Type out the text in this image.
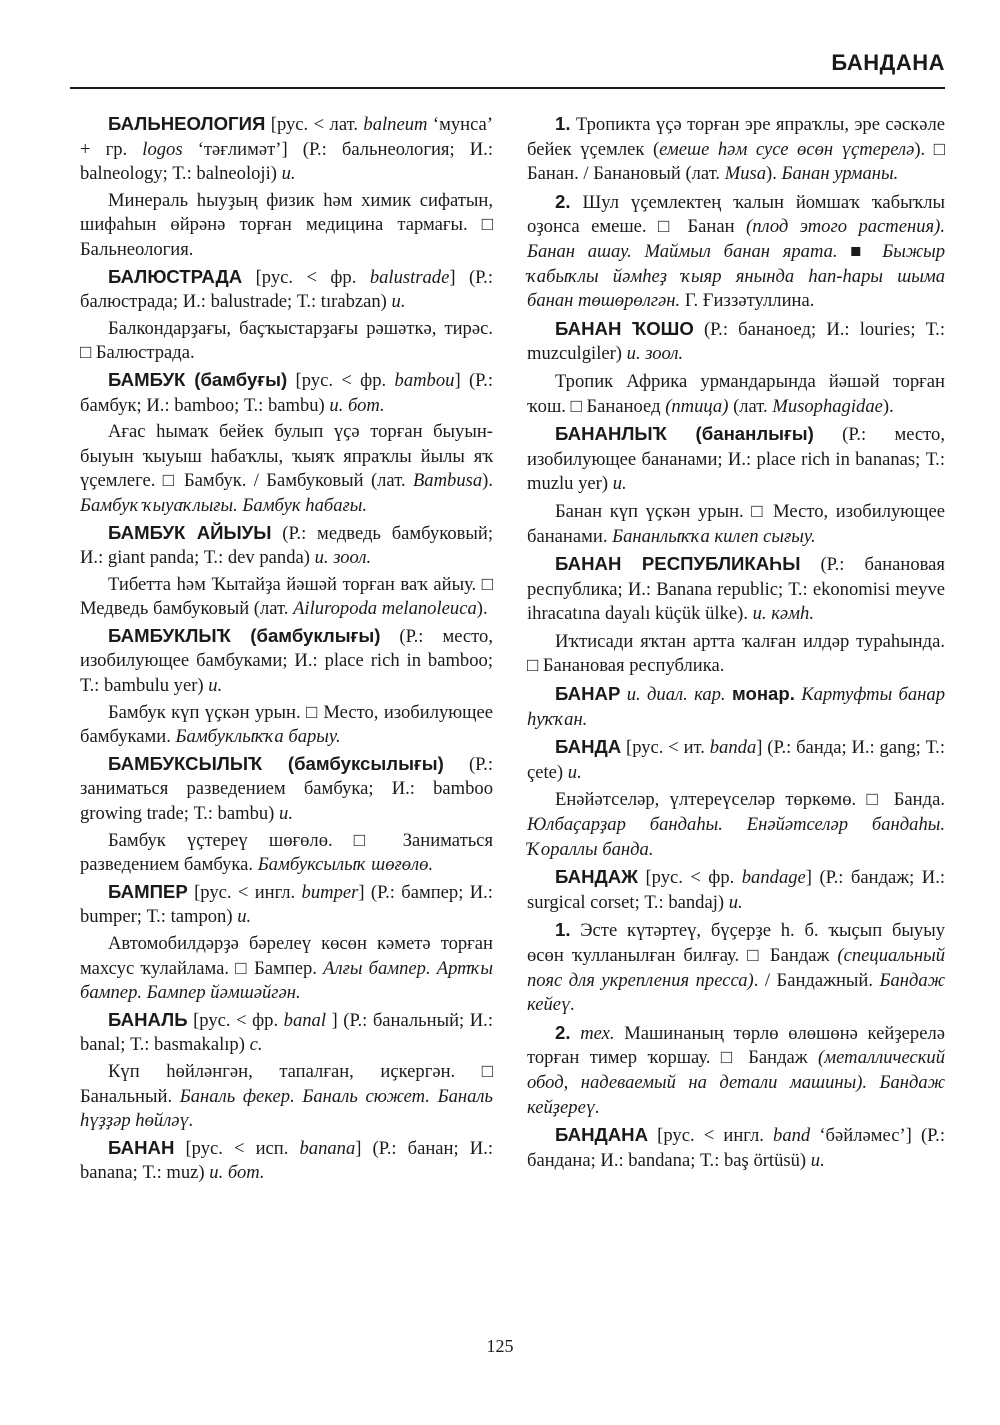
БАНДАНА

БАЛЬНЕОЛОГИЯ [рус. < лат. balneum ‘мунса’ + гр. logos ‘тәғлимәт’] (Р.: бальнеология; И.: balneology; Т.: balneoloji) и.

Минераль һыуҙың физик һәм химик сифатын, шифаһын өйрәнә торған медицина тармағы. □ Бальнеология.

БАЛЮСТРАДА [рус. < фр. balustrade] (Р.: балюстрада; И.: balustrade; Т.: tırabzan) и.

Балкондарҙағы, баҫҡыстарҙағы рәшәткә, тирәс. □ Балюстрада.

БАМБУК (бамбуғы) [рус. < фр. bambou] (Р.: бамбук; И.: bamboo; Т.: bambu) и. бот.

Ағас һымаҡ бейек булып үҫә торған быуын-быуын ҡыуыш һабаҡлы, ҡыяҡ япраҡлы йылы яҡ үҫемлеге. □ Бамбук. / Бамбуковый (лат. Bambusa). Бамбук ҡыуаҡлығы. Бамбук һабағы.

БАМБУК АЙЫУЫ (Р.: медведь бамбуковый; И.: giant panda; Т.: dev panda) и. зоол.

Тибетта һәм Ҡытайҙа йәшәй торған ваҡ айыу. □ Медведь бамбуковый (лат. Ailuropoda melanoleuca).

БАМБУКЛЫҠ (бамбуклығы) (Р.: место, изобилующее бамбуками; И.: place rich in bamboo; Т.: bambulu yer) и.

Бамбук күп үҫкән урын. □ Место, изобилующее бамбуками. Бамбуклыҡҡа барыу.

БАМБУКСЫЛЫҠ (бамбуксылығы) (Р.: заниматься разведением бамбука; И.: bamboo growing trade; Т.: bambu) и.

Бамбук үҫтереү шөғөлө. □ Заниматься разведением бамбука. Бамбуксылыҡ шөғөлө.

БАМПЕР [рус. < ингл. bumper] (Р.: бампер; И.: bumper; Т.: tampon) и.

Автомобилдәрҙә бәрелеү көсөн кәметә торған махсус ҡулайлама. □ Бампер. Алғы бампер. Артҡы бампер. Бампер йәмшәйгән.

БАНАЛЬ [рус. < фр. banal ] (Р.: банальный; И.: banal; Т.: basmakalıp) с.

Күп һөйләнгән, тапалған, иҫкергән. □ Банальный. Баналь фекер. Баналь сюжет. Баналь һүҙҙәр һөйләү.

БАНАН [рус. < исп. banana] (Р.: банан; И.: banana; Т.: muz) и. бот.

1. Тропикта үҫә торған эре япраҡлы, эре сәскәле бейек үҫемлек (емеше һәм сусе өсөн үҫтерелә). □ Банан. / Банановый (лат. Musa). Банан урманы.

2. Шул үҫемлектең ҡалын йомшаҡ ҡабыҡлы оҙонса емеше. □ Банан (плод этого растения). Банан ашау. Маймыл банан ярата. ■ Быжыр ҡабыҡлы йәмһеҙ ҡыяр янында һап-һары шыма банан төшөрөлгән. Г. Ғиззәтуллина.

БАНАН ҠОШО (Р.: бананоед; И.: louries; Т.: muzculgiler) и. зоол.

Тропик Африка урмандарында йәшәй торған ҡош. □ Бананоед (птица) (лат. Musophagidae).

БАНАНЛЫҠ (бананлығы) (Р.: место, изобилующее бананами; И.: place rich in bananas; Т.: muzlu yer) и.

Банан күп үҫкән урын. □ Место, изобилующее бананами. Бананлыҡҡа килеп сығыу.

БАНАН РЕСПУБЛИКАҺЫ (Р.: банановая республика; И.: Banana republic; Т.: ekonomisi meyve ihracatına dayalı küçük ülke). и. кәмһ.

Иҡтисади яҡтан артта ҡалған илдәр тураһында. □ Банановая республика.

БАНАР и. диал. кар. монар. Картуфты банар һуҡҡан.

БАНДА [рус. < ит. banda] (Р.: банда; И.: gang; Т.: çete) и.

Енәйәтселәр, үлтереүселәр төркөмө. □ Банда. Юлбаҫарҙар бандаһы. Енәйәтселәр бандаһы. Ҡораллы банда.

БАНДАЖ [рус. < фр. bandage] (Р.: бандаж; И.: surgical corset; Т.: bandaj) и.

1. Эсте күтәртеү, бүҫерҙе һ. б. ҡыҫып быуыу өсөн ҡулланылған билғау. □ Бандаж (специальный пояс для укрепления пресса). / Бандажный. Бандаж кейеү.

2. тех. Машинаның төрлө өлөшөнә кейҙерелә торған тимер ҡоршау. □ Бандаж (металлический обод, надеваемый на детали машины). Бандаж кейҙереү.

БАНДАНА [рус. < ингл. band ‘бәйләмес’] (Р.: бандана; И.: bandana; Т.: baş örtüsü) и.

125
